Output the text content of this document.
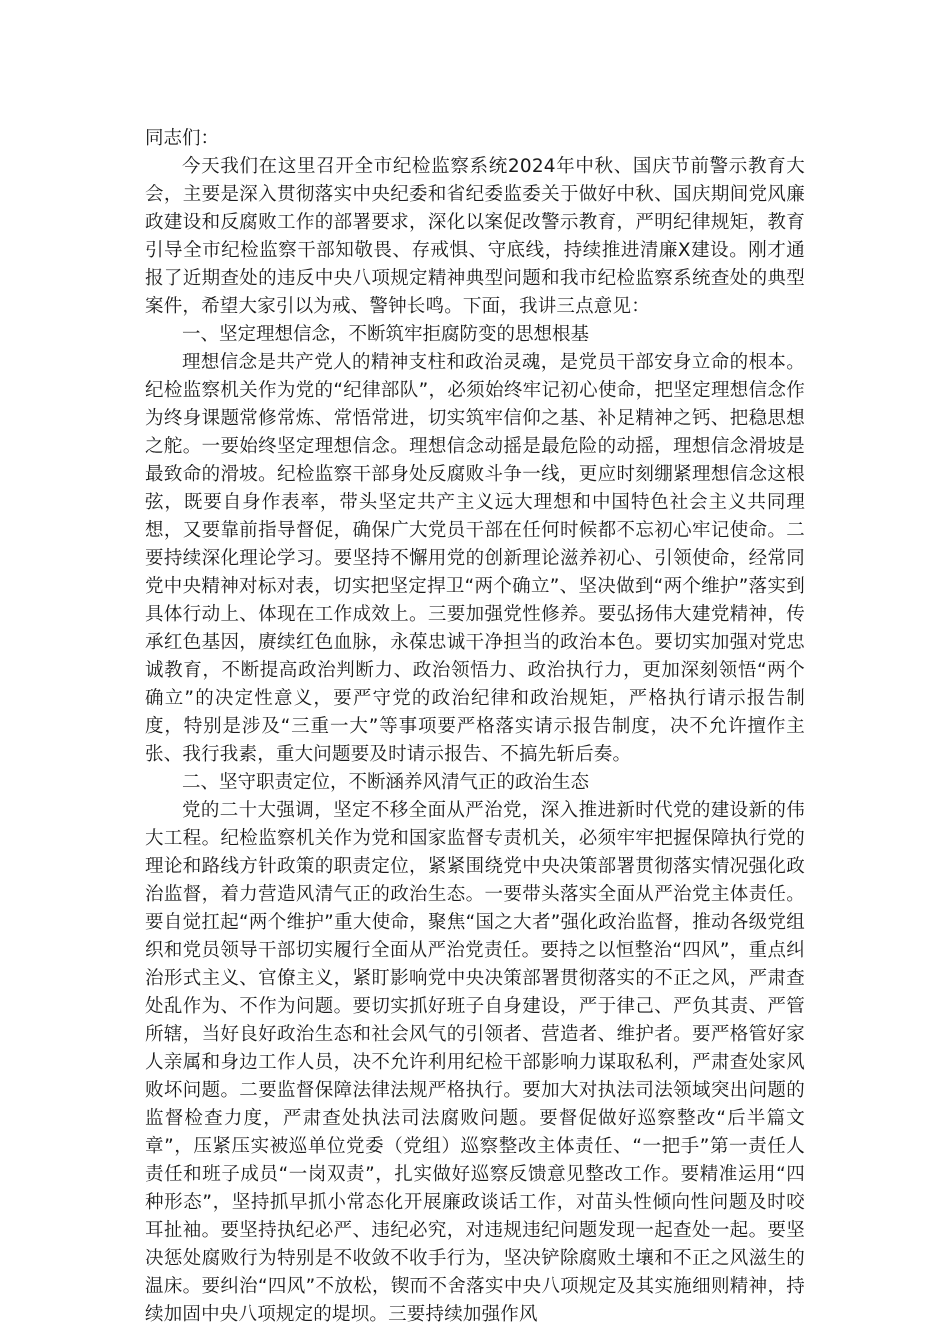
同志们：

今天我们在这里召开全市纪检监察系统2024年中秋、国庆节前警示教育大会，主要是深入贯彻落实中央纪委和省纪委监委关于做好中秋、国庆期间党风廉政建设和反腐败工作的部署要求，深化以案促改警示教育，严明纪律规矩，教育引导全市纪检监察干部知敬畏、存戒惧、守底线，持续推进清廉X建设。刚才通报了近期查处的违反中央八项规定精神典型问题和我市纪检监察系统查处的典型案件，希望大家引以为戒、警钟长鸣。下面，我讲三点意见：

一、坚定理想信念，不断筑牢拒腐防变的思想根基

理想信念是共产党人的精神支柱和政治灵魂，是党员干部安身立命的根本。纪检监察机关作为党的“纪律部队”，必须始终牢记初心使命，把坚定理想信念作为终身课题常修常炼、常悟常进，切实筑牢信仰之基、补足精神之钙、把稳思想之舵。一要始终坚定理想信念。理想信念动摇是最危险的动摇，理想信念滑坡是最致命的滑坡。纪检监察干部身处反腐败斗争一线，更应时刻绷紧理想信念这根弦，既要自身作表率，带头坚定共产主义远大理想和中国特色社会主义共同理想，又要靠前指导督促，确保广大党员干部在任何时候都不忘初心牢记使命。二要持续深化理论学习。要坚持不懈用党的创新理论滋养初心、引领使命，经常同党中央精神对标对表，切实把坚定捍卫“两个确立”、坚决做到“两个维护”落实到具体行动上、体现在工作成效上。三要加强党性修养。要弘扬伟大建党精神，传承红色基因，赓续红色血脉，永葆忠诚干净担当的政治本色。要切实加强对党忠诚教育，不断提高政治判断力、政治领悟力、政治执行力，更加深刻领悟“两个确立”的决定性意义，要严守党的政治纪律和政治规矩，严格执行请示报告制度，特别是涉及“三重一大”等事项要严格落实请示报告制度，决不允许擅作主张、我行我素，重大问题要及时请示报告、不搞先斩后奏。

二、坚守职责定位，不断涵养风清气正的政治生态

党的二十大强调，坚定不移全面从严治党，深入推进新时代党的建设新的伟大工程。纪检监察机关作为党和国家监督专责机关，必须牢牢把握保障执行党的理论和路线方针政策的职责定位，紧紧围绕党中央决策部署贯彻落实情况强化政治监督，着力营造风清气正的政治生态。一要带头落实全面从严治党主体责任。要自觉扛起“两个维护”重大使命，聚焦“国之大者”强化政治监督，推动各级党组织和党员领导干部切实履行全面从严治党责任。要持之以恒整治“四风”，重点纠治形式主义、官僚主义，紧盯影响党中央决策部署贯彻落实的不正之风，严肃查处乱作为、不作为问题。要切实抓好班子自身建设，严于律己、严负其责、严管所辖，当好良好政治生态和社会风气的引领者、营造者、维护者。要严格管好家人亲属和身边工作人员，决不允许利用纪检干部影响力谋取私利，严肃查处家风败坏问题。二要监督保障法律法规严格执行。要加大对执法司法领域突出问题的监督检查力度，严肃查处执法司法腐败问题。要督促做好巡察整改“后半篇文章”，压紧压实被巡单位党委（党组）巡察整改主体责任、“一把手”第一责任人责任和班子成员“一岗双责”，扎实做好巡察反馈意见整改工作。要精准运用“四种形态”，坚持抓早抓小常态化开展廉政谈话工作，对苗头性倾向性问题及时咬耳扯袖。要坚持执纪必严、违纪必究，对违规违纪问题发现一起查处一起。要坚决惩处腐败行为特别是不收敛不收手行为，坚决铲除腐败土壤和不正之风滋生的温床。要纠治“四风”不放松，锲而不舍落实中央八项规定及其实施细则精神，持续加固中央八项规定的堤坝。三要持续加强作风
